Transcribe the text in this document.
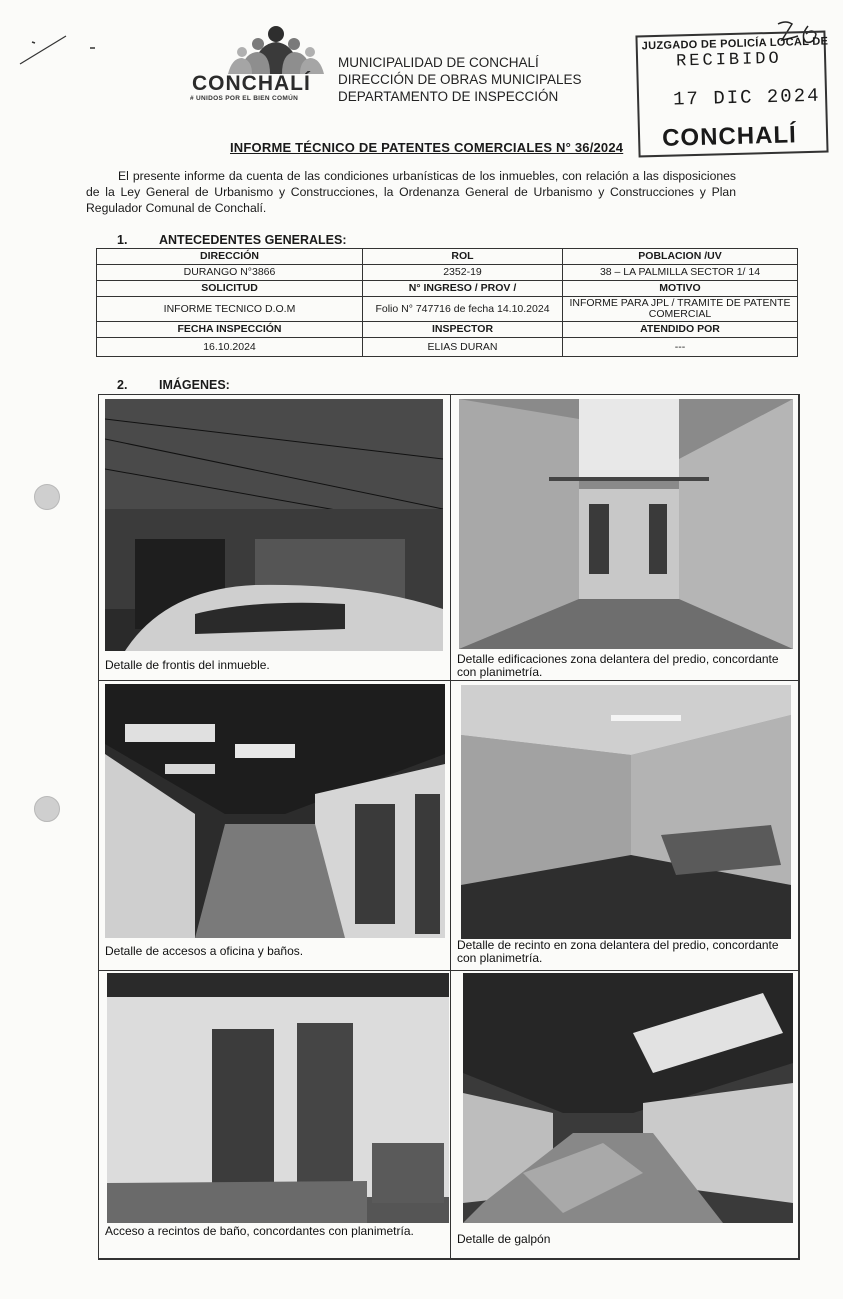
CONCHALÍ
# UNIDOS POR EL BIEN COMÚN
MUNICIPALIDAD DE CONCHALÍ
DIRECCIÓN DE OBRAS MUNICIPALES
DEPARTAMENTO DE INSPECCIÓN
JUZGADO DE POLICÍA LOCAL DE
RECIBIDO
17 DIC 2024
CONCHALÍ
INFORME TÉCNICO DE PATENTES COMERCIALES N° 36/2024
El presente informe da cuenta de las condiciones urbanísticas de los inmuebles, con relación a las disposiciones de la Ley General de Urbanismo y Construcciones, la Ordenanza General de Urbanismo y Construcciones y Plan Regulador Comunal de Conchalí.
1.	ANTECEDENTES GENERALES:
DIRECCIÓN	ROL	POBLACION /UV
DURANGO N°3866	2352-19	38 – LA PALMILLA SECTOR 1/ 14
SOLICITUD	N° INGRESO / PROV /	MOTIVO
INFORME TECNICO D.O.M	Folio N° 747716 de fecha 14.10.2024	INFORME PARA JPL / TRAMITE DE PATENTE COMERCIAL
FECHA INSPECCIÓN	INSPECTOR	ATENDIDO POR
16.10.2024	ELIAS DURAN	---
2.	IMÁGENES:
Detalle de frontis del inmueble.	Detalle edificaciones zona delantera del predio, concordante con planimetría.
Detalle de accesos a oficina y baños.	Detalle de recinto en zona delantera del predio, concordante con planimetría.
Acceso a recintos de baño, concordantes con planimetría.
Detalle de galpón
